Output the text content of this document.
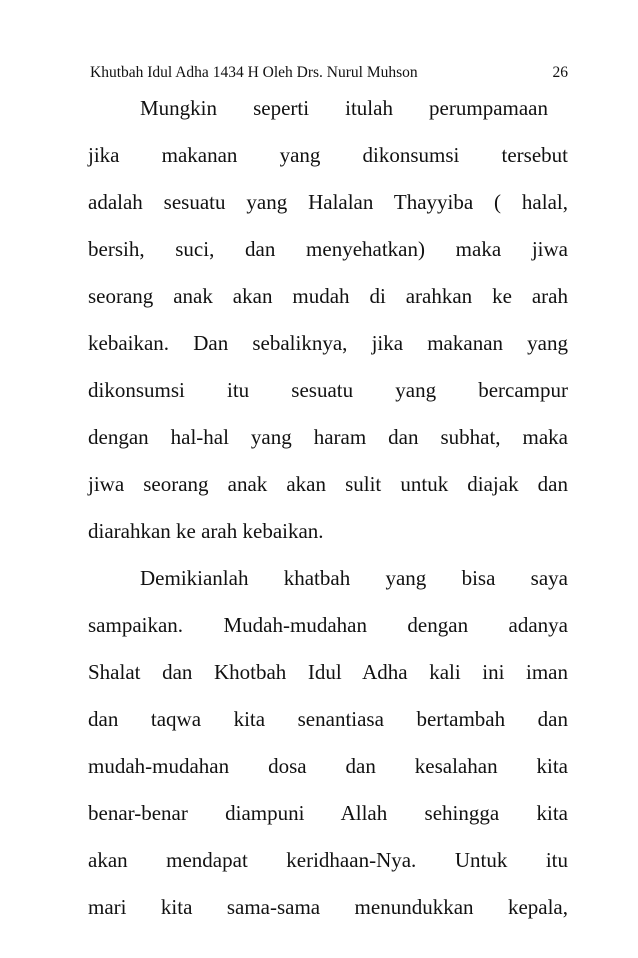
Khutbah Idul Adha 1434 H Oleh Drs. Nurul Muhson	26
Mungkin seperti itulah perumpamaan
jika makanan yang dikonsumsi tersebut
adalah sesuatu yang Halalan Thayyiba ( halal,
bersih, suci, dan menyehatkan) maka jiwa
seorang anak akan mudah di arahkan ke arah
kebaikan. Dan sebaliknya, jika makanan yang
dikonsumsi itu sesuatu yang bercampur
dengan hal-hal yang haram dan subhat, maka
jiwa seorang anak akan sulit untuk diajak dan
diarahkan ke arah kebaikan.
Demikianlah khatbah yang bisa saya
sampaikan. Mudah-mudahan dengan adanya
Shalat dan Khotbah Idul Adha kali ini iman
dan taqwa kita senantiasa bertambah dan
mudah-mudahan dosa dan kesalahan kita
benar-benar diampuni Allah sehingga kita
akan mendapat keridhaan-Nya. Untuk itu
mari kita sama-sama menundukkan kepala,
